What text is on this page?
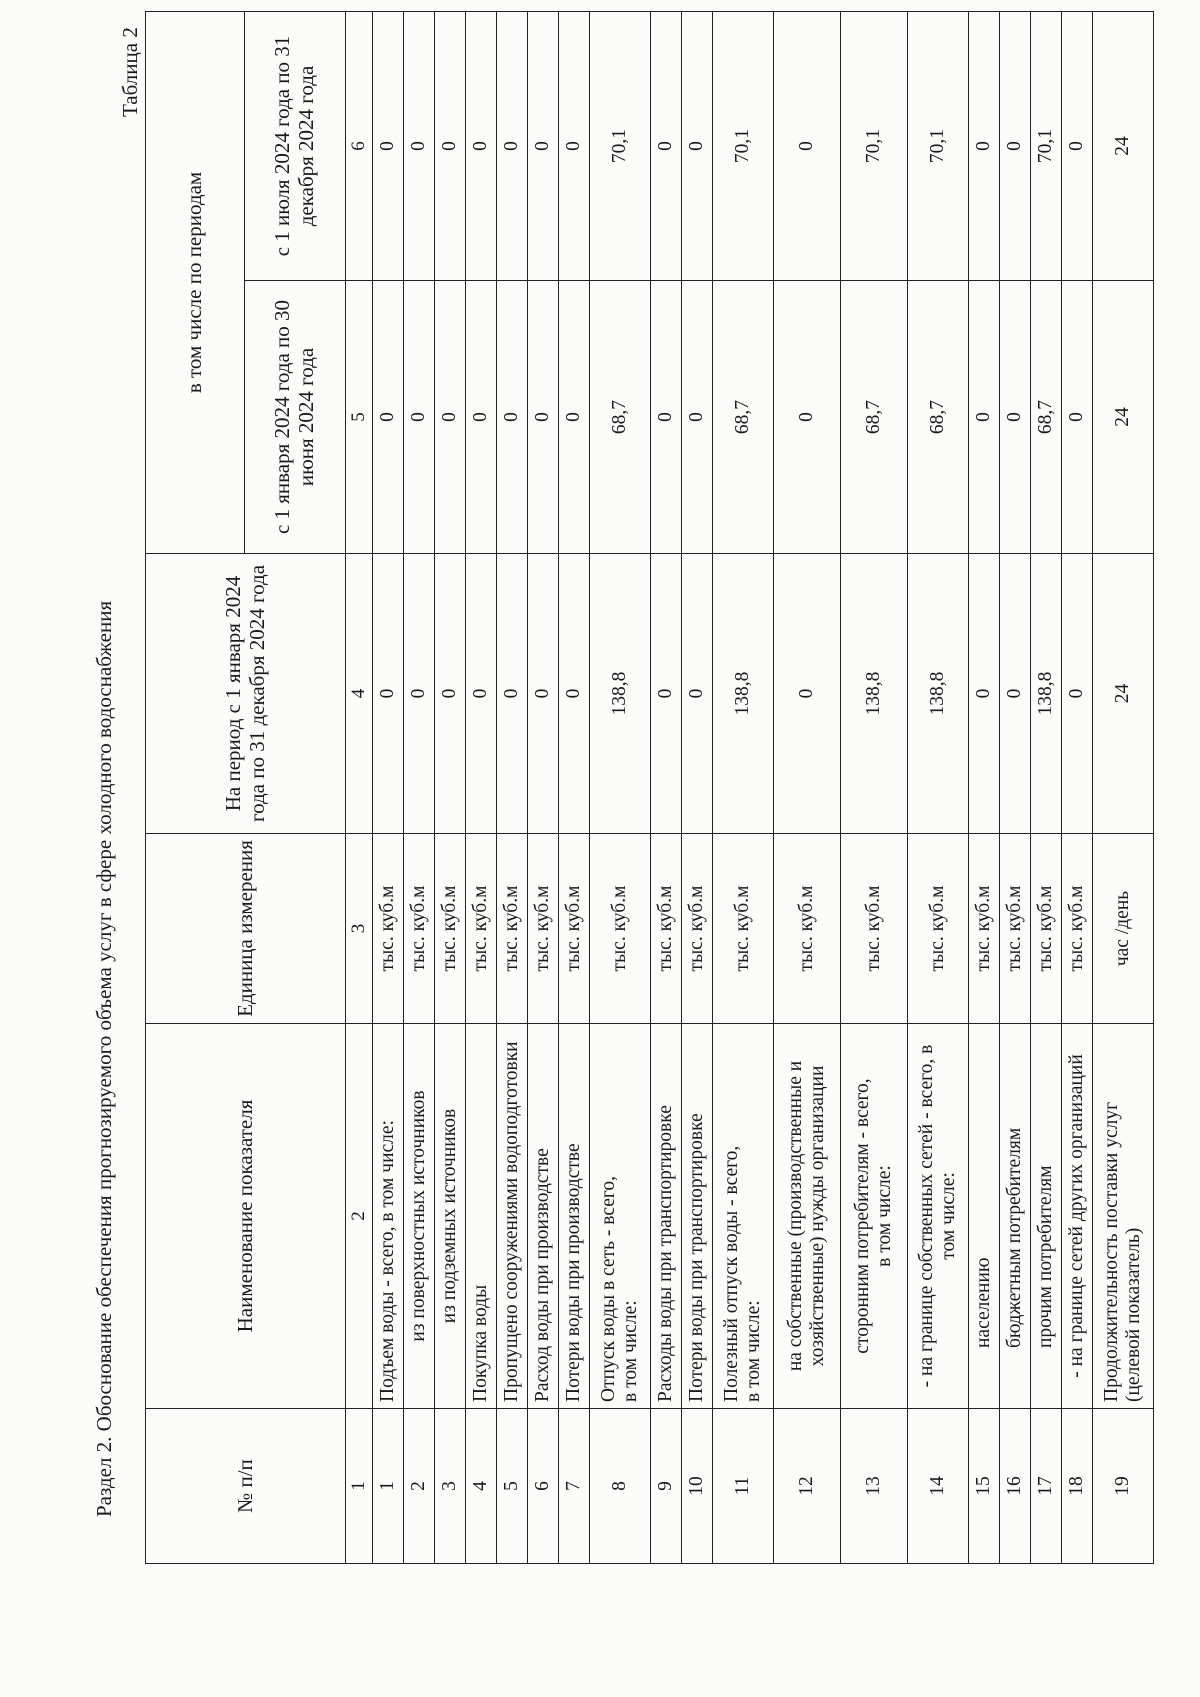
Раздел 2. Обоснование обеспечения прогнозируемого объема услуг в сфере холодного водоснабжения
Таблица 2
№ п/п	Наименование показателя	Единица измерения	На период с 1 января 2024 года по 31 декабря 2024 года	в том числе по периодам	
				с 1 января 2024 года по 30 июня 2024 года	с 1 июля 2024 года по 31 декабря 2024 года
1	2	3	4	5	6
1	Подъем воды - всего, в том числе:	тыс. куб.м	0	0	0
2	из поверхностных источников	тыс. куб.м	0	0	0
3	из подземных источников	тыс. куб.м	0	0	0
4	Покупка воды	тыс. куб.м	0	0	0
5	Пропущено сооружениями водоподготовки	тыс. куб.м	0	0	0
6	Расход воды при производстве	тыс. куб.м	0	0	0
7	Потери воды при производстве	тыс. куб.м	0	0	0
8	Отпуск воды в сеть - всего,
в том числе:	тыс. куб.м	138,8	68,7	70,1
9	Расходы воды при транспортировке	тыс. куб.м	0	0	0
10	Потери воды при транспортировке	тыс. куб.м	0	0	0
11	Полезный отпуск воды - всего,
в том числе:	тыс. куб.м	138,8	68,7	70,1
12	на собственные (производственные и хозяйственные) нужды организации	тыс. куб.м	0	0	0
13	сторонним потребителям - всего,
в том числе:	тыс. куб.м	138,8	68,7	70,1
14	- на границе собственных сетей - всего, в том числе:	тыс. куб.м	138,8	68,7	70,1
15	населению	тыс. куб.м	0	0	0
16	бюджетным потребителям	тыс. куб.м	0	0	0
17	прочим потребителям	тыс. куб.м	138,8	68,7	70,1
18	- на границе сетей других организаций	тыс. куб.м	0	0	0
19	Продолжительность поставки услуг (целевой показатель)	час /день	24	24	24
